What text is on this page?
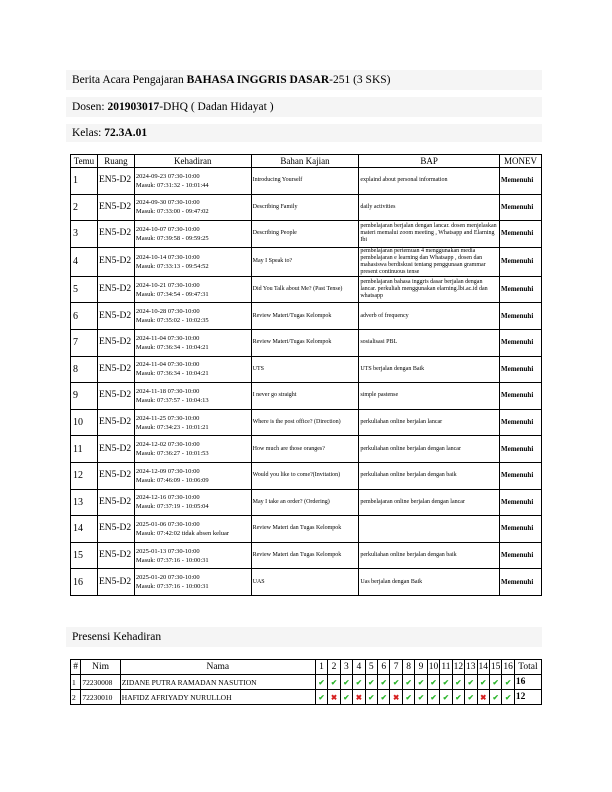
Berita Acara Pengajaran BAHASA INGGRIS DASAR-251 (3 SKS)
Dosen: 201903017-DHQ ( Dadan Hidayat )
Kelas: 72.3A.01
Temu	Ruang	Kehadiran	Bahan Kajian	BAP	MONEV
1	EN5-D2	2024-09-23 07:30-10:00
Masuk: 07:31:32 - 10:01:44	Introducing Yourself	explaind about personal information	Memenuhi
2	EN5-D2	2024-09-30 07:30-10:00
Masuk: 07:33:00 - 09:47:02	Describing Family	daily activities	Memenuhi
3	EN5-D2	2024-10-07 07:30-10:00
Masuk: 07:39:58 - 09:59:25	Describing People	pembelajaran berjalan dengan lancar. dosen menjelaskan materi memalui zoom meeting , Whatsapp and Elarning Ibi	Memenuhi
4	EN5-D2	2024-10-14 07:30-10:00
Masuk: 07:33:13 - 09:54:52	May I Speak to?	pembelajaran pertemuan 4 menggunakan media pembelajaran e learning dan Whatsapp , dosen dan mahasiswa berdiskusi tentang penggunaan grammar present continuous tense	Memenuhi
5	EN5-D2	2024-10-21 07:30-10:00
Masuk: 07:34:54 - 09:47:31	Did You Talk about Me? (Past Tense)	pembelajaran bahasa inggris dasar berjalan dengan lancar. perkuliah menggunakan elarning.lbi.ac.id dan whatsapp	Memenuhi
6	EN5-D2	2024-10-28 07:30-10:00
Masuk: 07:35:02 - 10:02:35	Review Materi/Tugas Kelompok	adverb of frequency	Memenuhi
7	EN5-D2	2024-11-04 07:30-10:00
Masuk: 07:36:34 - 10:04:21	Review Materi/Tugas Kelompok	sosialisasi PBL	Memenuhi
8	EN5-D2	2024-11-04 07:30-10:00
Masuk: 07:36:34 - 10:04:21	UTS	UTS berjalan dengan Baik	Memenuhi
9	EN5-D2	2024-11-18 07:30-10:00
Masuk: 07:37:57 - 10:04:13	I never go straight	simple pastense	Memenuhi
10	EN5-D2	2024-11-25 07:30-10:00
Masuk: 07:34:23 - 10:01:21	Where is the post office? (Direction)	perkuliahan online berjalan lancar	Memenuhi
11	EN5-D2	2024-12-02 07:30-10:00
Masuk: 07:36:27 - 10:01:53	How much are those oranges?	perkuliahan online berjalan dengan lancar	Memenuhi
12	EN5-D2	2024-12-09 07:30-10:00
Masuk: 07:46:09 - 10:06:09	Would you like to come?(Invitation)	perkuliahan online berjalan dengan baik	Memenuhi
13	EN5-D2	2024-12-16 07:30-10:00
Masuk: 07:37:19 - 10:05:04	May I take an order? (Ordering)	pembelajaran online berjalan dengan lancar	Memenuhi
14	EN5-D2	2025-01-06 07:30-10:00
Masuk: 07:42:02 tidak absen keluar	Review Materi dan Tugas Kelompok		Memenuhi
15	EN5-D2	2025-01-13 07:30-10:00
Masuk: 07:37:16 - 10:00:31	Review Materi dan Tugas Kelompok	perkuliahan online berjalan dengan baik	Memenuhi
16	EN5-D2	2025-01-20 07:30-10:00
Masuk: 07:37:16 - 10:00:31	UAS	Uas berjalan dengan Baik	Memenuhi
Presensi Kehadiran
#	Nim	Nama	1	2	3	4	5	6	7	8	9	10	11	12	13	14	15	16	Total
1	72230008	ZIDANE PUTRA RAMADAN NASUTION	✔	✔	✔	✔	✔	✔	✔	✔	✔	✔	✔	✔	✔	✔	✔	✔	16
2	72230010	HAFIDZ AFRIYADY NURULLOH	✔	✖	✔	✖	✔	✔	✖	✔	✔	✔	✔	✔	✔	✖	✔	✔	12
